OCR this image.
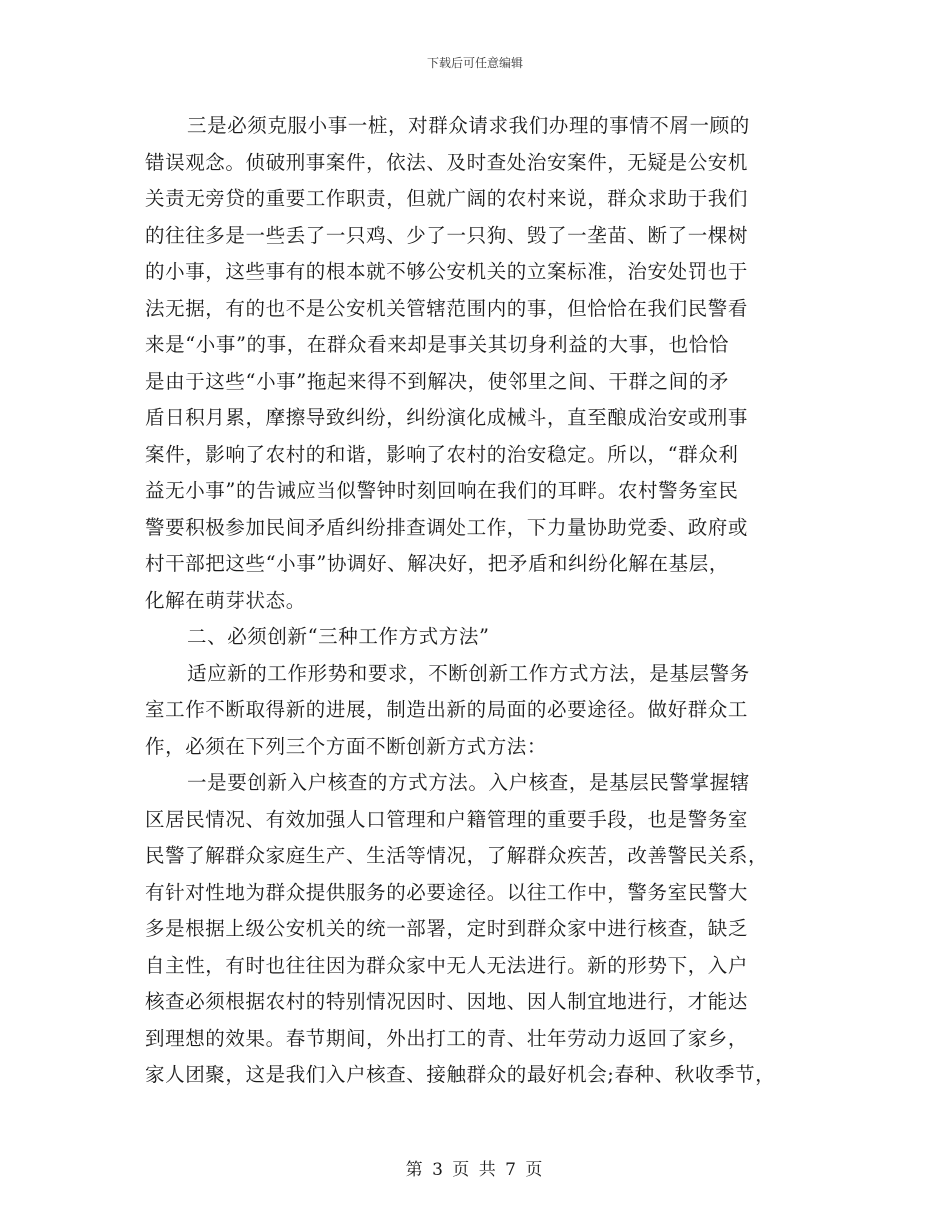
下载后可任意编辑
三是必须克服小事一桩，对群众请求我们办理的事情不屑一顾的
错误观念。侦破刑事案件，依法、及时查处治安案件，无疑是公安机
关责无旁贷的重要工作职责，但就广阔的农村来说，群众求助于我们
的往往多是一些丢了一只鸡、少了一只狗、毁了一垄苗、断了一棵树
的小事，这些事有的根本就不够公安机关的立案标准，治安处罚也于
法无据，有的也不是公安机关管辖范围内的事，但恰恰在我们民警看
来是“小事”的事，在群众看来却是事关其切身利益的大事，也恰恰
是由于这些“小事”拖起来得不到解决，使邻里之间、干群之间的矛
盾日积月累，摩擦导致纠纷，纠纷演化成械斗，直至酿成治安或刑事
案件，影响了农村的和谐，影响了农村的治安稳定。所以，“群众利
益无小事”的告诫应当似警钟时刻回响在我们的耳畔。农村警务室民
警要积极参加民间矛盾纠纷排查调处工作，下力量协助党委、政府或
村干部把这些“小事”协调好、解决好，把矛盾和纠纷化解在基层，
化解在萌芽状态。
二、必须创新“三种工作方式方法”
适应新的工作形势和要求，不断创新工作方式方法，是基层警务
室工作不断取得新的进展，制造出新的局面的必要途径。做好群众工
作，必须在下列三个方面不断创新方式方法：
一是要创新入户核查的方式方法。入户核查，是基层民警掌握辖
区居民情况、有效加强人口管理和户籍管理的重要手段，也是警务室
民警了解群众家庭生产、生活等情况，了解群众疾苦，改善警民关系，
有针对性地为群众提供服务的必要途径。以往工作中，警务室民警大
多是根据上级公安机关的统一部署，定时到群众家中进行核查，缺乏
自主性，有时也往往因为群众家中无人无法进行。新的形势下，入户
核查必须根据农村的特别情况因时、因地、因人制宜地进行，才能达
到理想的效果。春节期间，外出打工的青、壮年劳动力返回了家乡，
家人团聚，这是我们入户核查、接触群众的最好机会;春种、秋收季节，
第 3 页 共 7 页
